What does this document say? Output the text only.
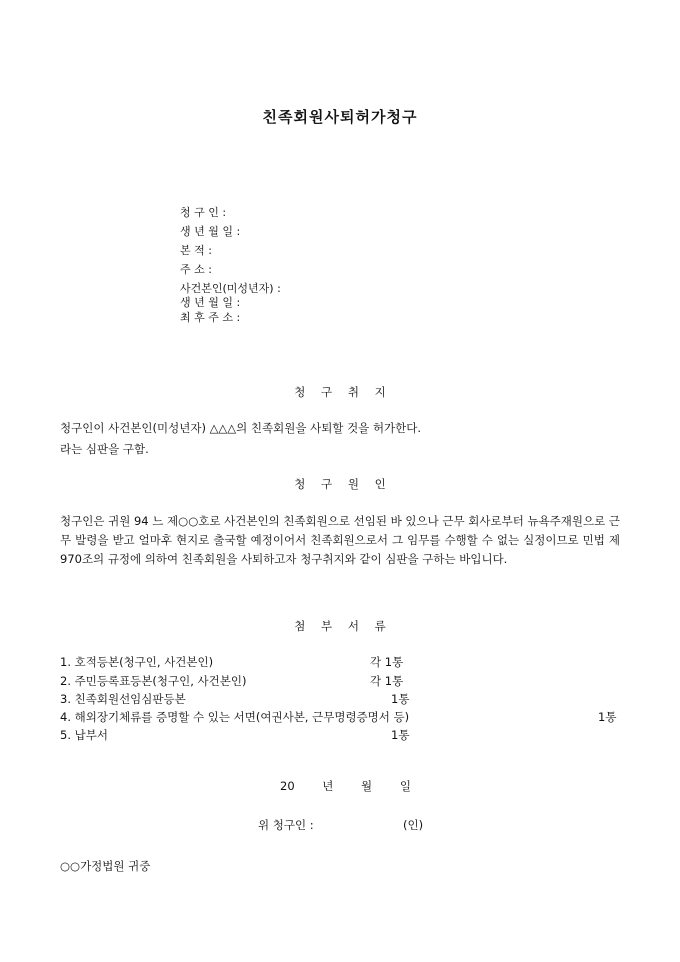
친족회원사퇴허가청구
청 구 인 :
생 년 월 일 :
본 적 :
주 소 :
사건본인(미성년자) :
생 년 월 일 :
최 후 주 소 :
청 구 취 지
청구인이 사건본인(미성년자) △△△의 친족회원을 사퇴할 것을 허가한다.
라는 심판을 구함.
청 구 원 인
청구인은 귀원 94 느 제○○호로 사건본인의 친족회원으로 선임된 바 있으나 근무 회사로부터 뉴욕주재원으로 근무 발령을 받고 얼마후 현지로 출국할 예정이어서 친족회원으로서 그 임무를 수행할 수 없는 실정이므로 민법 제970조의 규정에 의하여 친족회원을 사퇴하고자 청구취지와 같이 심판을 구하는 바입니다.
첨 부 서 류
1. 호적등본(청구인, 사건본인)	각 1통
2. 주민등록표등본(청구인, 사건본인)	각 1통
3. 친족회원선임심판등본	1통
4. 해외장기체류를 증명할 수 있는 서면(여권사본, 근무명령증명서 등)	1통
5. 납부서	1통
20 년 월 일
위 청구인 :	(인)
○○가정법원 귀중
